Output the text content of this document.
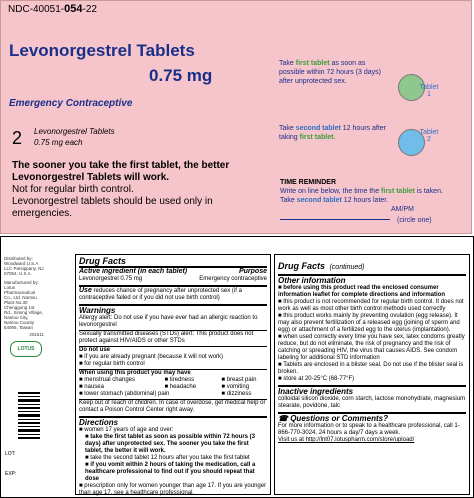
NDC-40051-054-22
Levonorgestrel Tablets
0.75 mg
Emergency Contraceptive
2 Levonorgestrel Tablets
0.75 mg each
The sooner you take the first tablet, the better Levonorgestrel Tablets will work.
Not for regular birth control.
Levonorgestrel tablets should be used only in emergencies.
Take first tablet as soon as possible within 72 hours (3 days) after unprotected sex.
Tablet
1
Take second tablet 12 hours after taking first tablet.
Tablet
2
TIME REMINDER
Write on line below, the time the first tablet is taken.
Take second tablet 12 hours later.
AM/PM
(circle one)
Distributed by: Woodward U.S.A LLC Parsippany, NJ 07054, U.S.A
Manufactured by: Lotus Pharmaceutical Co., Ltd. Nantou Plant No.30 Chenggong 1st Rd., Siming Village, Nantou City, Nantou County 54066, Taiwan
201511
LOTUS
LOT:
EXP:
Drug Facts
Active ingredient (in each tablet)	Purpose
Levonorgestrel 0.75 mg	Emergency contraceptive
Use reduces chance of pregnancy after unprotected sex (if a contraceptive failed or if you did not use birth control)
Warnings
Allergy alert: Do not use if you have ever had an allergic reaction to levonorgestrel
Sexually transmitted diseases (STDs) alert: This product does not protect against HIV/AIDS or other STDs
Do not use
■ if you are already pregnant (because it will not work)
■ for regular birth control
When using this product you may have
■ menstrual changes	■ tiredness	■ breast pain
■ nausea	■ headache	■ vomiting
■ lower stomach (abdominal) pain	■ dizziness
Keep out of reach of children. In case of overdose, get medical help or contact a Poison Control Center right away.
Directions
■ women 17 years of age and over:
■ take the first tablet as soon as possible within 72 hours (3 days) after unprotected sex. The sooner you take the first tablet, the better it will work.
■ take the second tablet 12 hours after you take the first tablet
■ if you vomit within 2 hours of taking the medication, call a healthcare professional to find out if you should repeat that dose
■ prescription only for women younger than age 17. If you are younger than age 17, see a healthcare professional.
Drug Facts (continued)
Other information
■ before using this product read the enclosed consumer information leaflet for complete directions and information
■ this product is not recommended for regular birth control. It does not work as well as most other birth control methods used correctly
■ this product works mainly by preventing ovulation (egg release). It may also prevent fertilization of a released egg (joining of sperm and egg) or attachment of a fertilized egg to the uterus (implantation).
■ when used correctly every time you have sex, latex condoms greatly reduce, but do not eliminate, the risk of pregnancy and the risk of catching or spreading HIV, the virus that causes AIDS. See condom labeling for additional STD information
■ Tablets are enclosed in a blister seal. Do not use if the blister seal is broken.
■ store at 20-25°C (68-77°F)
Inactive ingredients
colloidal silicon dioxide, corn starch, lactose monohydrate, magnesium stearate, povidone, talc
☎ Questions or Comments?
For more information or to speak to a healthcare professional, call 1-866-770-3024, 24 hours a day/7 days a week.
Visit us at http://lnt07.lotuspharm.com/store/upload/
